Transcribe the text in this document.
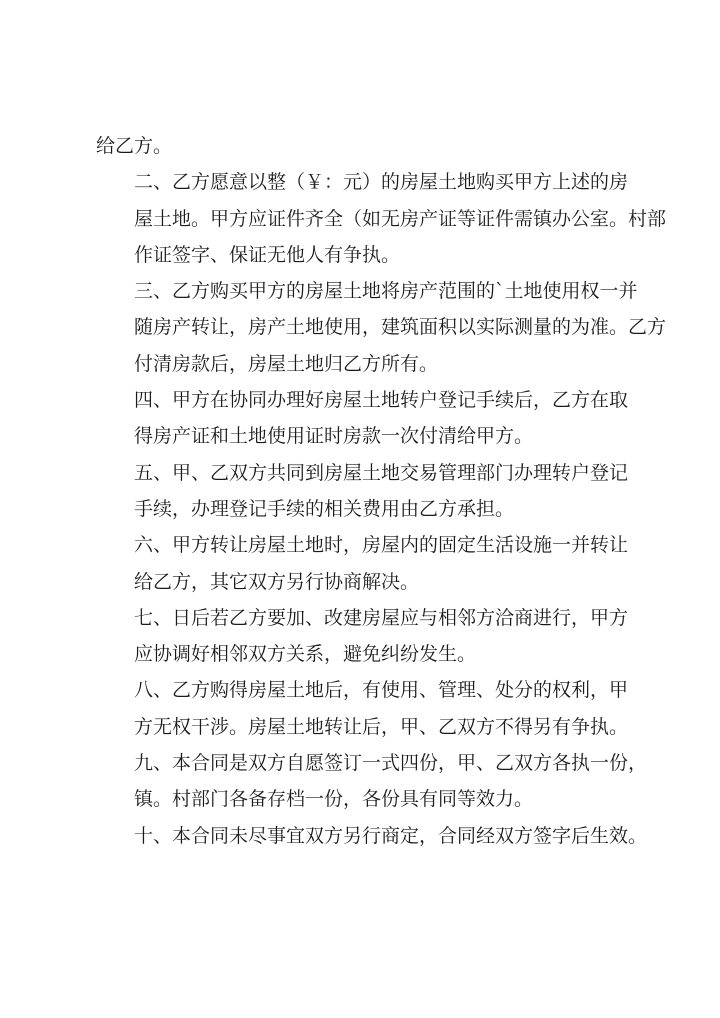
给乙方。
二、乙方愿意以整（￥：元）的房屋土地购买甲方上述的房
屋土地。甲方应证件齐全（如无房产证等证件需镇办公室。村部
作证签字、保证无他人有争执。
三、乙方购买甲方的房屋土地将房产范围的`土地使用权一并
随房产转让，房产土地使用，建筑面积以实际测量的为准。乙方
付清房款后，房屋土地归乙方所有。
四、甲方在协同办理好房屋土地转户登记手续后，乙方在取
得房产证和土地使用证时房款一次付清给甲方。
五、甲、乙双方共同到房屋土地交易管理部门办理转户登记
手续，办理登记手续的相关费用由乙方承担。
六、甲方转让房屋土地时，房屋内的固定生活设施一并转让
给乙方，其它双方另行协商解决。
七、日后若乙方要加、改建房屋应与相邻方洽商进行，甲方
应协调好相邻双方关系，避免纠纷发生。
八、乙方购得房屋土地后，有使用、管理、处分的权利，甲
方无权干涉。房屋土地转让后，甲、乙双方不得另有争执。
九、本合同是双方自愿签订一式四份，甲、乙双方各执一份，
镇。村部门各备存档一份，各份具有同等效力。
十、本合同未尽事宜双方另行商定，合同经双方签字后生效。
